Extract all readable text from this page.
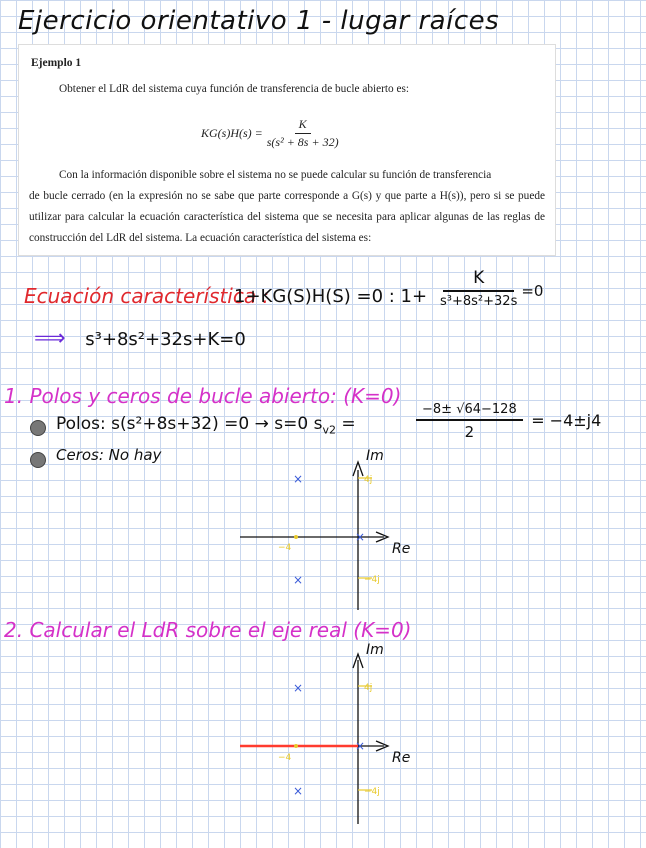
Ejercicio orientativo 1 - lugar raíces
Ejemplo 1
Obtener el LdR del sistema cuya función de transferencia de bucle abierto es:
$KG(s)H(s) = \frac{K}{\text{s(s² + 8s + 32)}}$
Con la información disponible sobre el sistema no se puede calcular su función de transferencia
de bucle cerrado (en la expresión no se sabe que parte corresponde a G(s) y que parte a H(s)), pero si se puede utilizar para calcular la ecuación característica del sistema que se necesita para aplicar algunas de las reglas de construcción del LdR del sistema. La ecuación característica del sistema es:
Ecuación característica :
1+KG(S)H(S) =0 : $1+ \frac{K}{\text{s³+8s²+32s}} =0$
⟹ s³+8s²+32s+K=0
1. Polos y ceros de bucle abierto: (K=0)
Polos: s(s²+8s+32) =0 → s=0 $s_{v2}$ =	$\frac{-8\pm √64-128}{2} = -4\pm j4$
Ceros: No hay	Im
Re
4j
−4j
−4
×
×
×
2. Calcular el LdR sobre el eje real (K=0)
Im
Re
4j
−4j
−4
×
×
×
